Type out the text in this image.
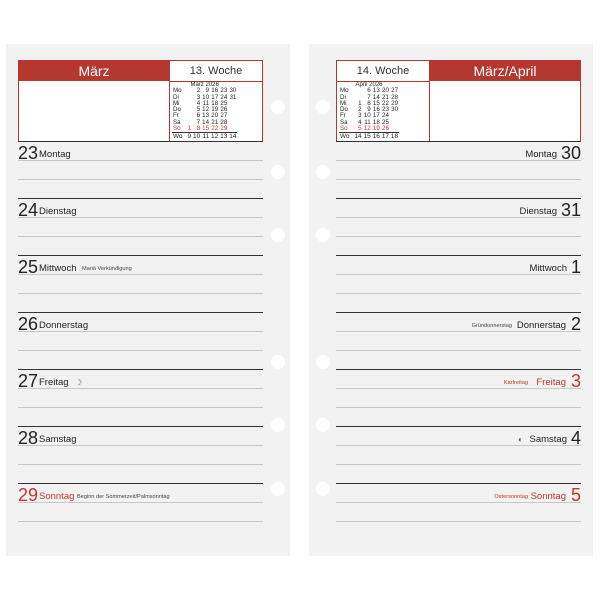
März	13. Woche
März 2026
Mo		2	9	16	23	30
Di		3	10	17	24	31
Mi		4	11	18	25	
Do		5	12	19	26	
Fr		6	13	20	27	
Sa		7	14	21	28	
So	1	8	15	22	29	
Wo	9	10	11	12	13	14
14. Woche
April 2026
Mo		6	13	20	27
Di		7	14	21	28
Mi	1	8	15	22	29
Do	2	9	16	23	30
Fr	3	10	17	24	
Sa	4	11	18	25	
So	5	12	19	26	
Wo	14	15	16	17	18
März/April
23 Montag
24 Dienstag
25 Mittwoch Mariä Verkündigung
26 Donnerstag
27 Freitag ☽
28 Samstag
29 Sonntag Beginn der Sommerzeit/Palmsonntag
30
Montag
31
Dienstag
1
Mittwoch
2
Donnerstag
Gründonnerstag
3
Freitag
Karfreitag
4
Samstag
◐
5
Sonntag
Ostersonntag
